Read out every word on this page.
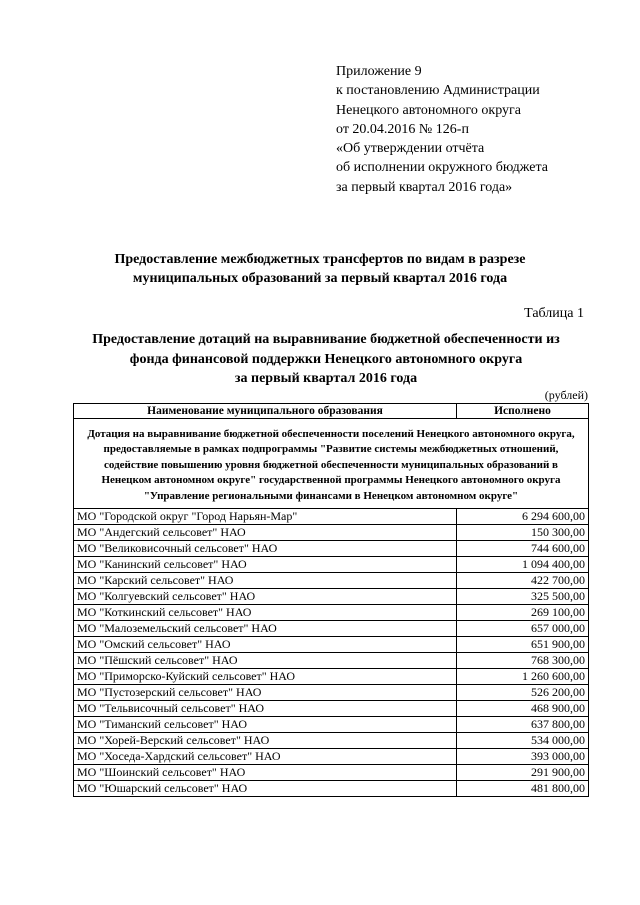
Приложение 9
к постановлению Администрации
Ненецкого автономного округа
от 20.04.2016 № 126-п
«Об утверждении отчёта
об исполнении окружного бюджета
за первый квартал 2016 года»
Предоставление межбюджетных трансфертов по видам в разрезе
муниципальных образований за первый квартал 2016 года
Таблица 1
Предоставление дотаций на выравнивание бюджетной обеспеченности из
фонда финансовой поддержки Ненецкого автономного округа
за первый квартал 2016 года
(рублей)
Наименование муниципального образования	Исполнено
Дотация на выравнивание бюджетной обеспеченности поселений Ненецкого автономного округа, предоставляемые в рамках подпрограммы "Развитие системы межбюджетных отношений, содействие повышению уровня бюджетной обеспеченности муниципальных образований в Ненецком автономном округе" государственной программы Ненецкого автономного округа "Управление региональными финансами в Ненецком автономном округе"	
МО "Городской округ "Город Нарьян-Мар"	6 294 600,00
МО "Андегский сельсовет" НАО	150 300,00
МО "Великовисочный сельсовет" НАО	744 600,00
МО "Канинский сельсовет" НАО	1 094 400,00
МО "Карский сельсовет" НАО	422 700,00
МО "Колгуевский сельсовет" НАО	325 500,00
МО "Коткинский сельсовет" НАО	269 100,00
МО "Малоземельский сельсовет" НАО	657 000,00
МО "Омский сельсовет" НАО	651 900,00
МО "Пёшский сельсовет" НАО	768 300,00
МО "Приморско-Куйский сельсовет" НАО	1 260 600,00
МО "Пустозерский сельсовет" НАО	526 200,00
МО "Тельвисочный сельсовет" НАО	468 900,00
МО "Тиманский сельсовет" НАО	637 800,00
МО "Хорей-Верский сельсовет" НАО	534 000,00
МО "Хоседа-Хардский сельсовет" НАО	393 000,00
МО "Шоинский сельсовет" НАО	291 900,00
МО "Юшарский сельсовет" НАО	481 800,00
